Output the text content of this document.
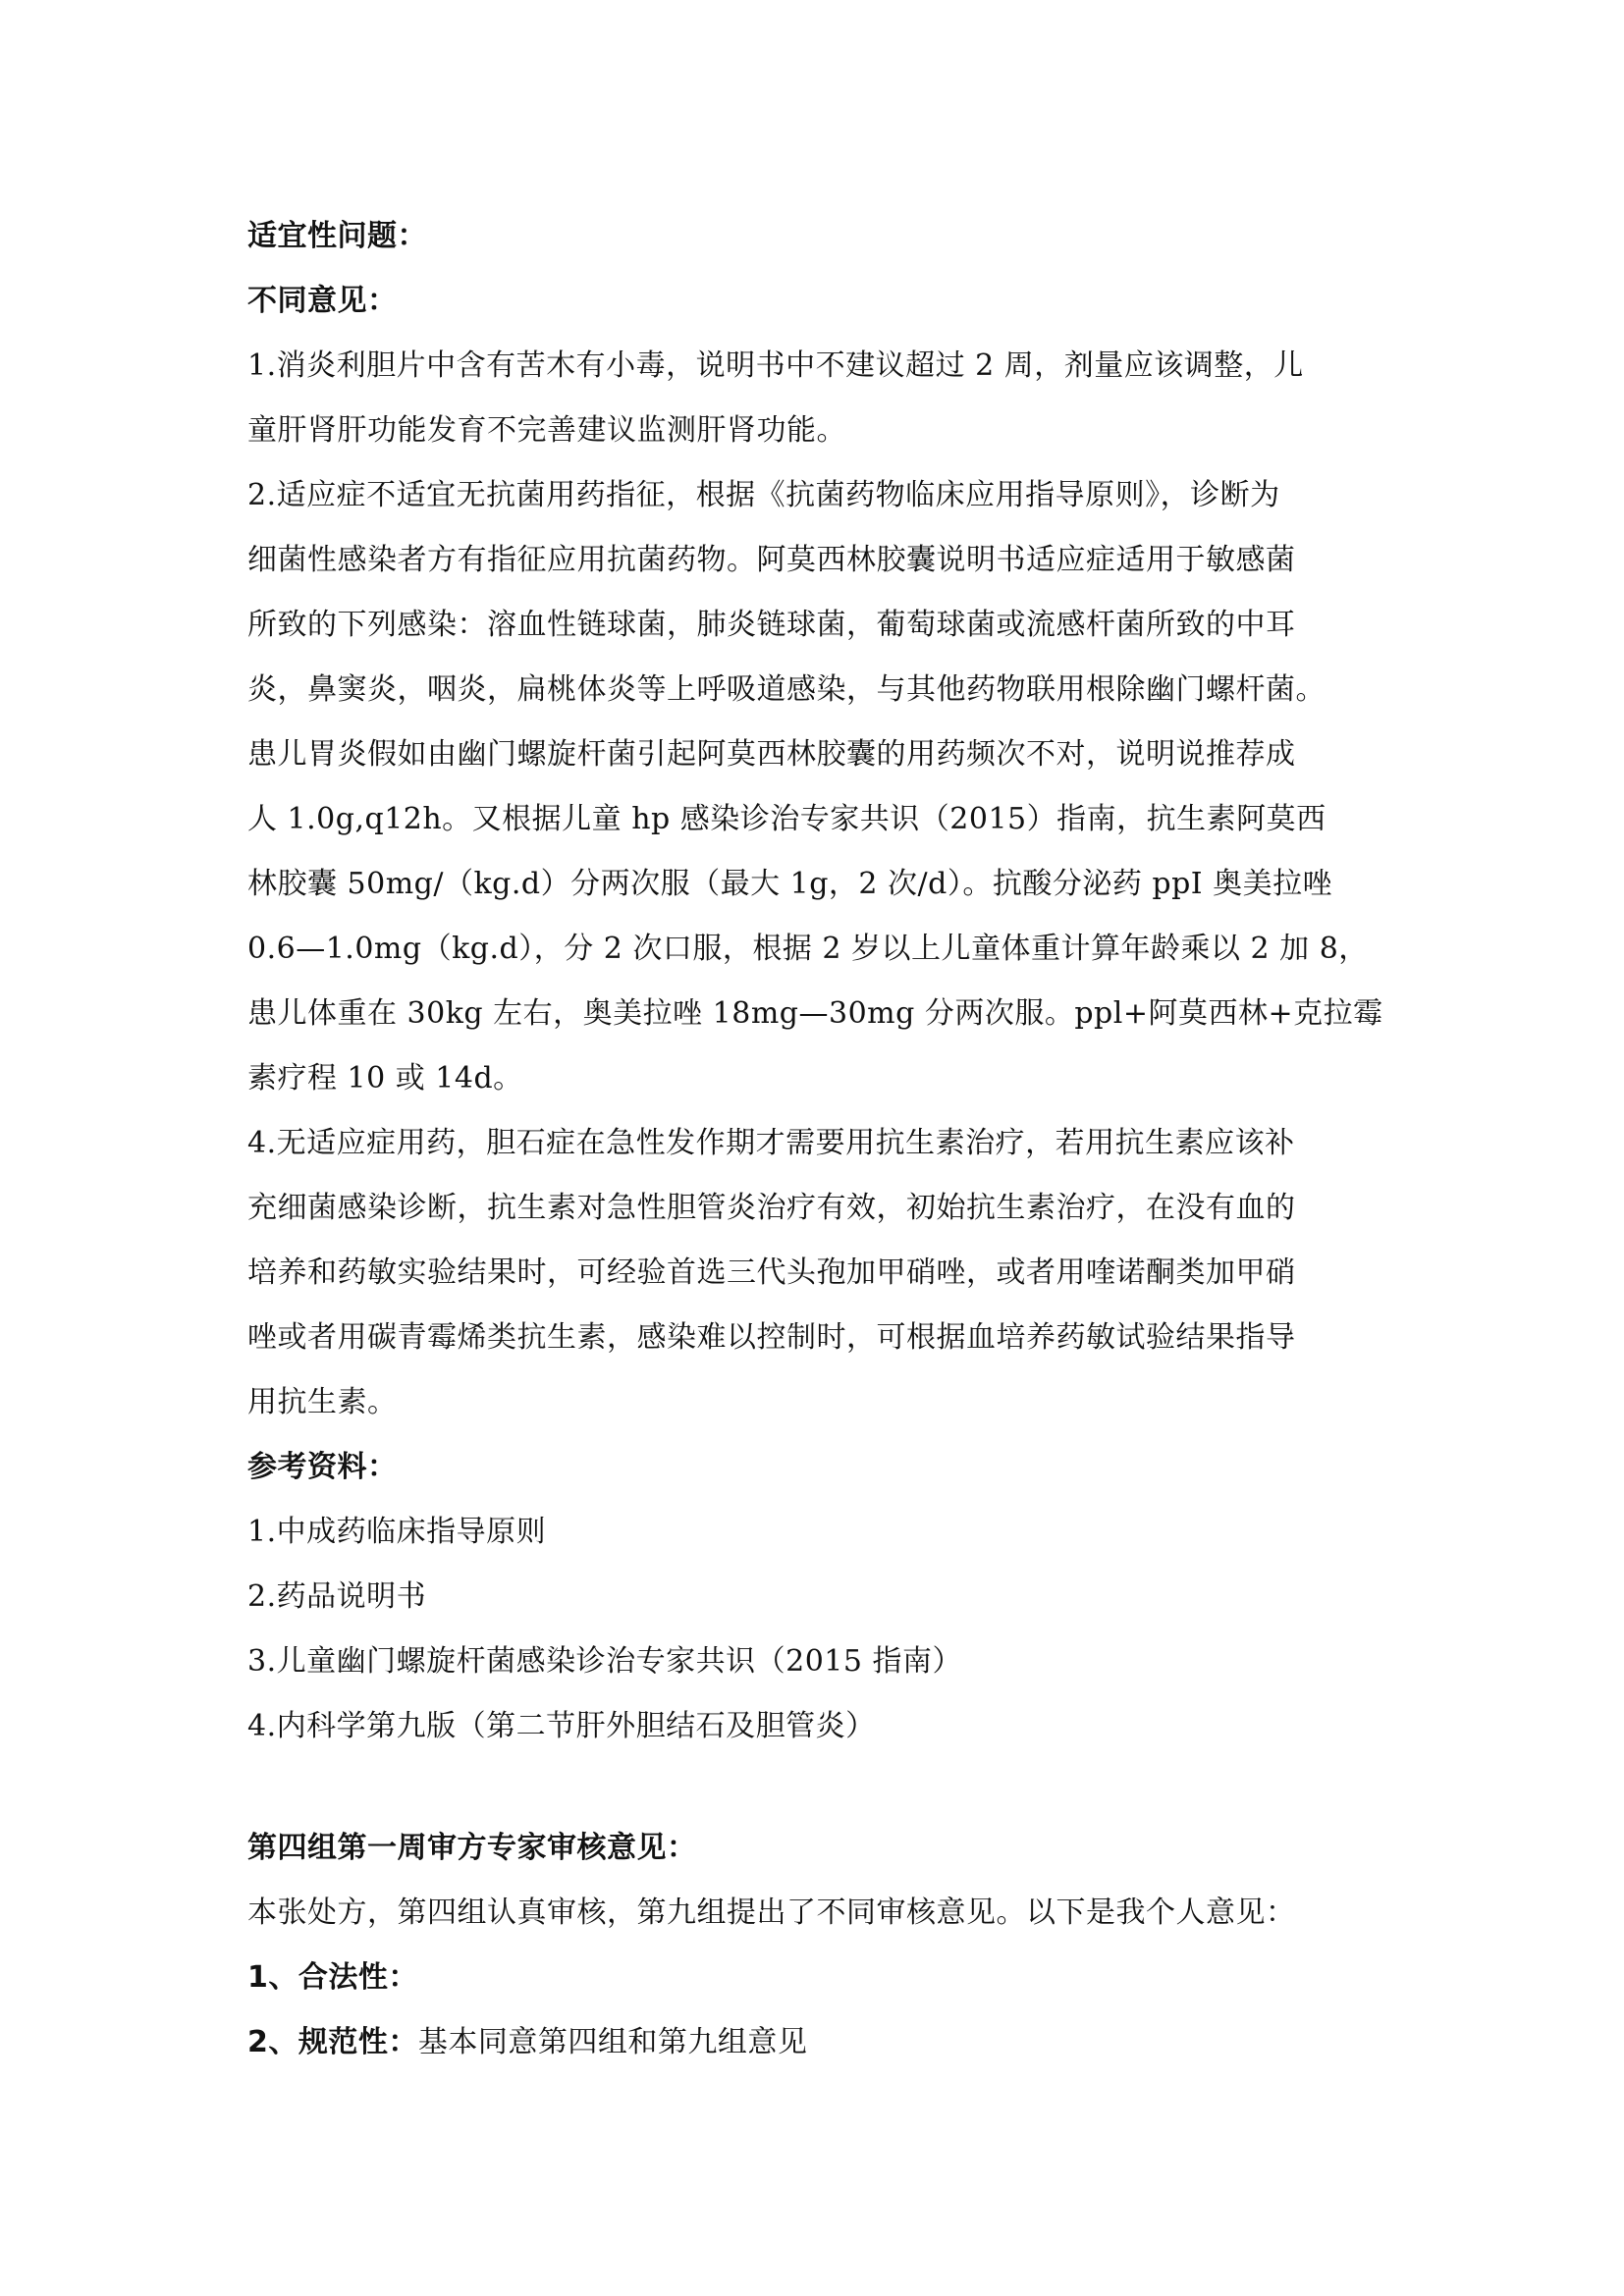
适宜性问题：

不同意见：

1.消炎利胆片中含有苦木有小毒，说明书中不建议超过 2 周，剂量应该调整，儿

童肝肾肝功能发育不完善建议监测肝肾功能。

2.适应症不适宜无抗菌用药指征，根据《抗菌药物临床应用指导原则》，诊断为

细菌性感染者方有指征应用抗菌药物。阿莫西林胶囊说明书适应症适用于敏感菌

所致的下列感染：溶血性链球菌，肺炎链球菌，葡萄球菌或流感杆菌所致的中耳

炎，鼻窦炎，咽炎，扁桃体炎等上呼吸道感染，与其他药物联用根除幽门螺杆菌。

患儿胃炎假如由幽门螺旋杆菌引起阿莫西林胶囊的用药频次不对，说明说推荐成

人 1.0g,q12h。又根据儿童 hp 感染诊治专家共识（2015）指南，抗生素阿莫西

林胶囊 50mg/（kg.d）分两次服（最大 1g，2 次/d）。抗酸分泌药 ppI 奥美拉唑

0.6—1.0mg（kg.d），分 2 次口服，根据 2 岁以上儿童体重计算年龄乘以 2 加 8，

患儿体重在 30kg 左右，奥美拉唑 18mg—30mg 分两次服。ppl+阿莫西林+克拉霉

素疗程 10 或 14d。

4.无适应症用药，胆石症在急性发作期才需要用抗生素治疗，若用抗生素应该补

充细菌感染诊断，抗生素对急性胆管炎治疗有效，初始抗生素治疗，在没有血的

培养和药敏实验结果时，可经验首选三代头孢加甲硝唑，或者用喹诺酮类加甲硝

唑或者用碳青霉烯类抗生素，感染难以控制时，可根据血培养药敏试验结果指导

用抗生素。

参考资料：

1.中成药临床指导原则

2.药品说明书

3.儿童幽门螺旋杆菌感染诊治专家共识（2015 指南）

4.内科学第九版（第二节肝外胆结石及胆管炎）

第四组第一周审方专家审核意见：

本张处方，第四组认真审核，第九组提出了不同审核意见。以下是我个人意见：

1、合法性：

2、规范性：基本同意第四组和第九组意见
